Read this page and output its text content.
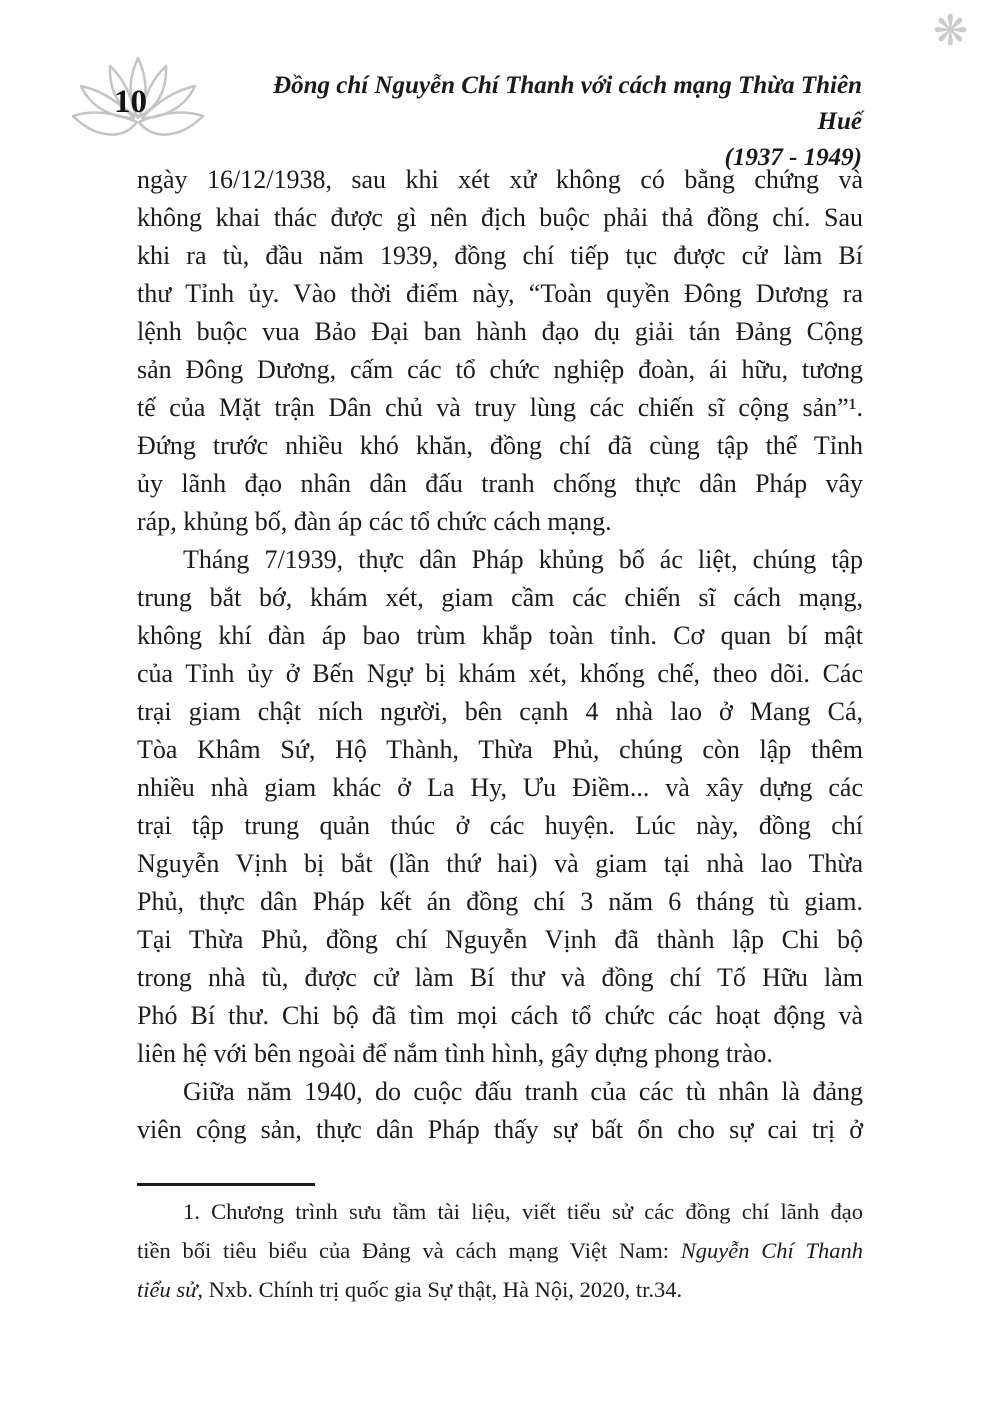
❋
10	Đồng chí Nguyễn Chí Thanh với cách mạng Thừa Thiên Huế
(1937 - 1949)
ngày 16/12/1938, sau khi xét xử không có bằng chứng và
không khai thác được gì nên địch buộc phải thả đồng chí. Sau
khi ra tù, đầu năm 1939, đồng chí tiếp tục được cử làm Bí
thư Tỉnh ủy. Vào thời điểm này, “Toàn quyền Đông Dương ra
lệnh buộc vua Bảo Đại ban hành đạo dụ giải tán Đảng Cộng
sản Đông Dương, cấm các tổ chức nghiệp đoàn, ái hữu, tương
tế của Mặt trận Dân chủ và truy lùng các chiến sĩ cộng sản”¹.
Đứng trước nhiều khó khăn, đồng chí đã cùng tập thể Tỉnh
ủy lãnh đạo nhân dân đấu tranh chống thực dân Pháp vây
ráp, khủng bố, đàn áp các tổ chức cách mạng.
Tháng 7/1939, thực dân Pháp khủng bố ác liệt, chúng tập
trung bắt bớ, khám xét, giam cầm các chiến sĩ cách mạng,
không khí đàn áp bao trùm khắp toàn tỉnh. Cơ quan bí mật
của Tỉnh ủy ở Bến Ngự bị khám xét, khống chế, theo dõi. Các
trại giam chật ních người, bên cạnh 4 nhà lao ở Mang Cá,
Tòa Khâm Sứ, Hộ Thành, Thừa Phủ, chúng còn lập thêm
nhiều nhà giam khác ở La Hy, Ưu Điềm... và xây dựng các
trại tập trung quản thúc ở các huyện. Lúc này, đồng chí
Nguyễn Vịnh bị bắt (lần thứ hai) và giam tại nhà lao Thừa
Phủ, thực dân Pháp kết án đồng chí 3 năm 6 tháng tù giam.
Tại Thừa Phủ, đồng chí Nguyễn Vịnh đã thành lập Chi bộ
trong nhà tù, được cử làm Bí thư và đồng chí Tố Hữu làm
Phó Bí thư. Chi bộ đã tìm mọi cách tổ chức các hoạt động và
liên hệ với bên ngoài để nắm tình hình, gây dựng phong trào.
Giữa năm 1940, do cuộc đấu tranh của các tù nhân là đảng
viên cộng sản, thực dân Pháp thấy sự bất ổn cho sự cai trị ở
1. Chương trình sưu tầm tài liệu, viết tiểu sử các đồng chí lãnh đạo
tiền bối tiêu biểu của Đảng và cách mạng Việt Nam: Nguyễn Chí Thanh
tiểu sử, Nxb. Chính trị quốc gia Sự thật, Hà Nội, 2020, tr.34.
